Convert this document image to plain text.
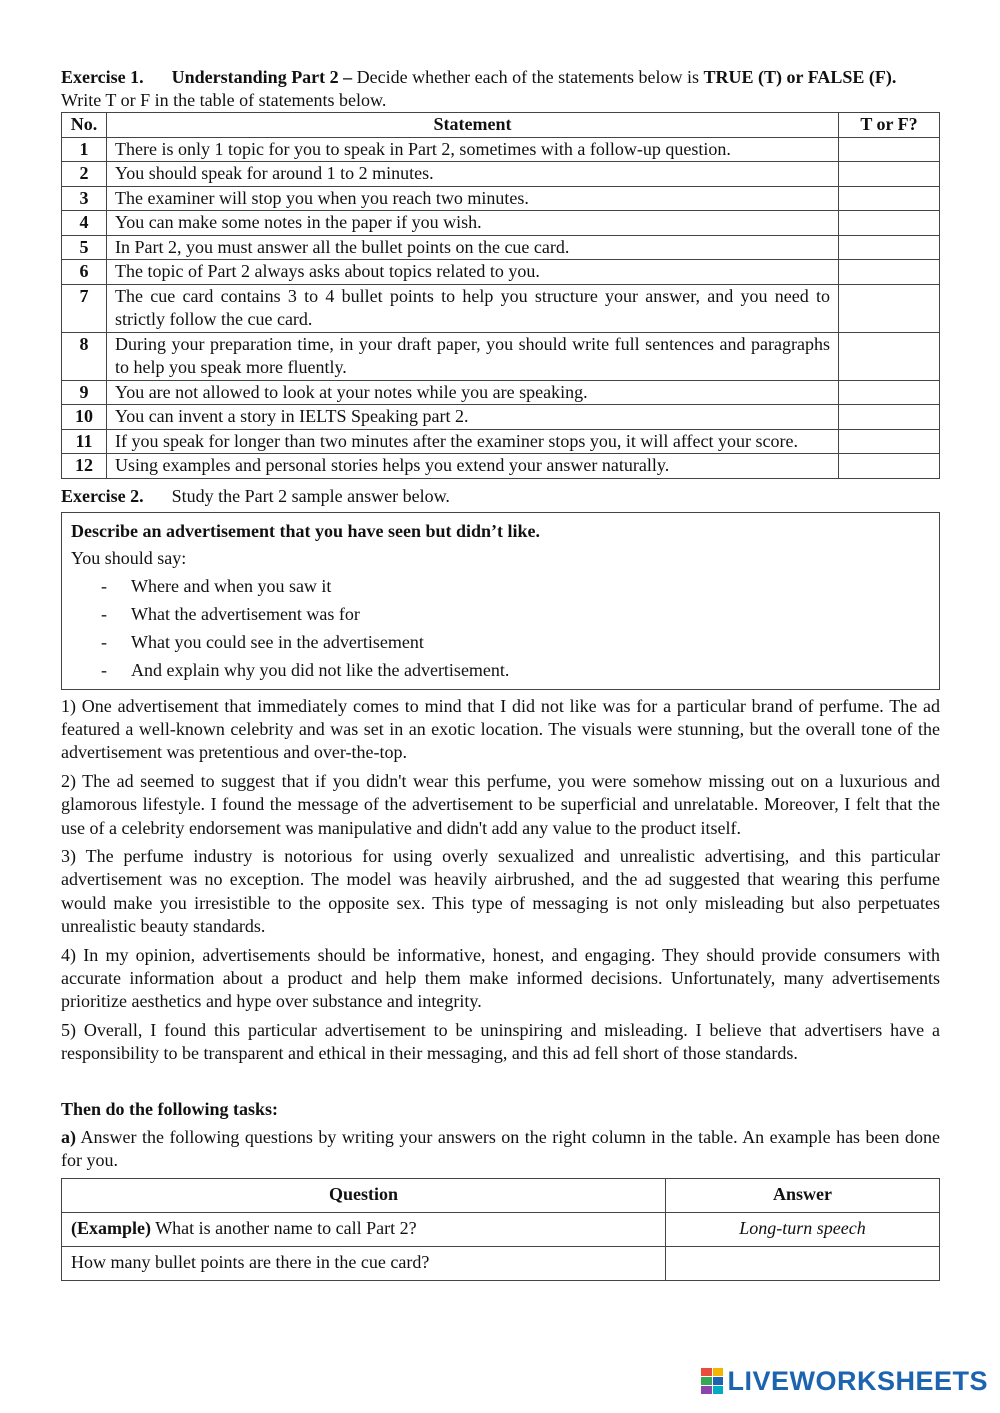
Exercise 1. Understanding Part 2 – Decide whether each of the statements below is TRUE (T) or FALSE (F). Write T or F in the table of statements below.

No.	Statement	T or F?
1	There is only 1 topic for you to speak in Part 2, sometimes with a follow-up question.	
2	You should speak for around 1 to 2 minutes.	
3	The examiner will stop you when you reach two minutes.	
4	You can make some notes in the paper if you wish.	
5	In Part 2, you must answer all the bullet points on the cue card.	
6	The topic of Part 2 always asks about topics related to you.	
7	The cue card contains 3 to 4 bullet points to help you structure your answer, and you need to strictly follow the cue card.	
8	During your preparation time, in your draft paper, you should write full sentences and paragraphs to help you speak more fluently.	
9	You are not allowed to look at your notes while you are speaking.	
10	You can invent a story in IELTS Speaking part 2.	
11	If you speak for longer than two minutes after the examiner stops you, it will affect your score.	
12	Using examples and personal stories helps you extend your answer naturally.	
Exercise 2. Study the Part 2 sample answer below.
Describe an advertisement that you have seen but didn’t like.
You should say:
- Where and when you saw it
- What the advertisement was for
- What you could see in the advertisement
- And explain why you did not like the advertisement.

1) One advertisement that immediately comes to mind that I did not like was for a particular brand of perfume. The ad featured a well-known celebrity and was set in an exotic location. The visuals were stunning, but the overall tone of the advertisement was pretentious and over-the-top.

2) The ad seemed to suggest that if you didn't wear this perfume, you were somehow missing out on a luxurious and glamorous lifestyle. I found the message of the advertisement to be superficial and unrelatable. Moreover, I felt that the use of a celebrity endorsement was manipulative and didn't add any value to the product itself.

3) The perfume industry is notorious for using overly sexualized and unrealistic advertising, and this particular advertisement was no exception. The model was heavily airbrushed, and the ad suggested that wearing this perfume would make you irresistible to the opposite sex. This type of messaging is not only misleading but also perpetuates unrealistic beauty standards.

4) In my opinion, advertisements should be informative, honest, and engaging. They should provide consumers with accurate information about a product and help them make informed decisions. Unfortunately, many advertisements prioritize aesthetics and hype over substance and integrity.

5) Overall, I found this particular advertisement to be uninspiring and misleading. I believe that advertisers have a responsibility to be transparent and ethical in their messaging, and this ad fell short of those standards.

Then do the following tasks:
a) Answer the following questions by writing your answers on the right column in the table. An example has been done for you.
Question	Answer
(Example) What is another name to call Part 2?	Long-turn speech
How many bullet points are there in the cue card?	
LIVEWORKSHEETS
